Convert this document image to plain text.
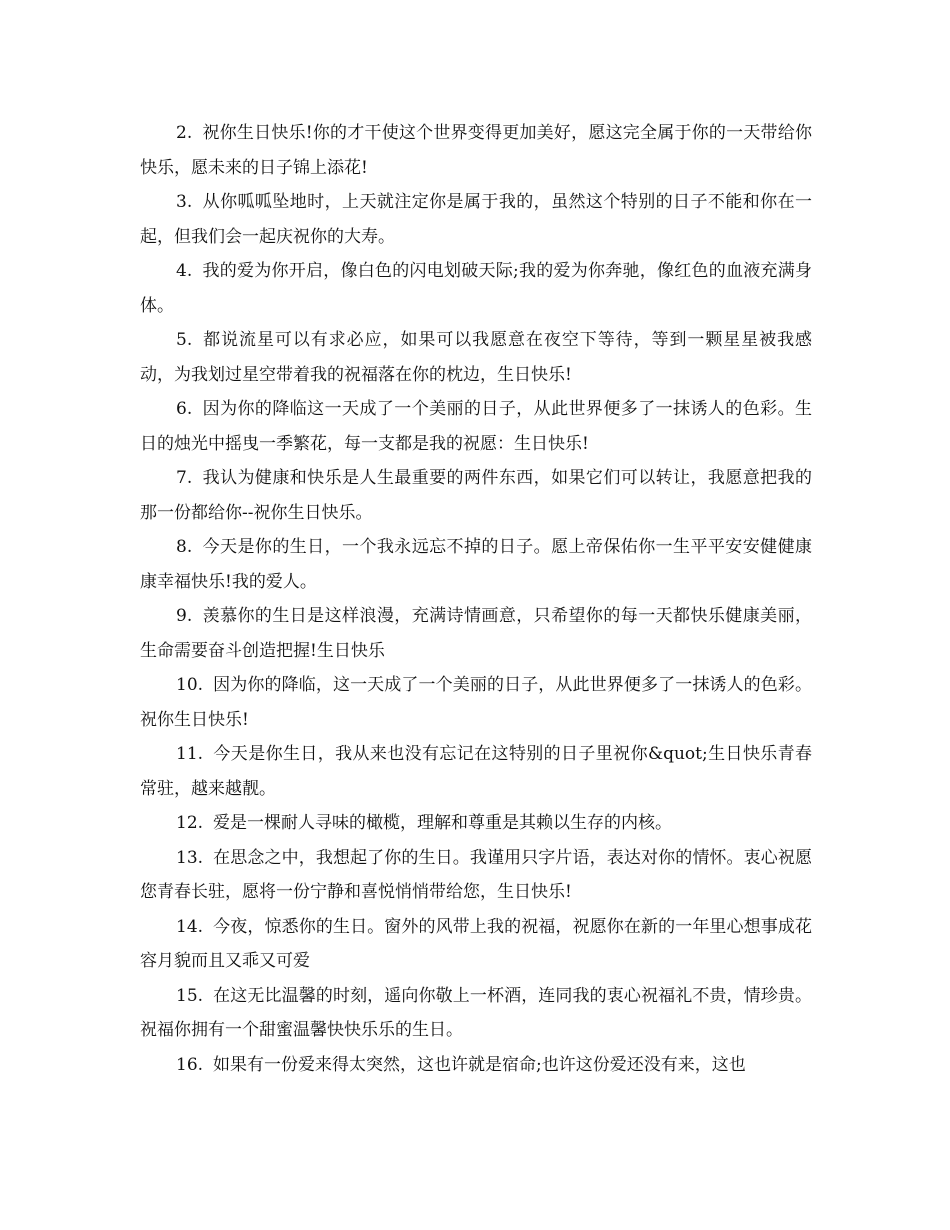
2. 祝你生日快乐!你的才干使这个世界变得更加美好，愿这完全属于你的一天带给你快乐，愿未来的日子锦上添花!

3. 从你呱呱坠地时，上天就注定你是属于我的，虽然这个特别的日子不能和你在一起，但我们会一起庆祝你的大寿。

4. 我的爱为你开启，像白色的闪电划破天际;我的爱为你奔驰，像红色的血液充满身体。

5. 都说流星可以有求必应，如果可以我愿意在夜空下等待，等到一颗星星被我感动，为我划过星空带着我的祝福落在你的枕边，生日快乐!

6. 因为你的降临这一天成了一个美丽的日子，从此世界便多了一抹诱人的色彩。生日的烛光中摇曳一季繁花，每一支都是我的祝愿：生日快乐!

7. 我认为健康和快乐是人生最重要的两件东西，如果它们可以转让，我愿意把我的那一份都给你--祝你生日快乐。

8. 今天是你的生日，一个我永远忘不掉的日子。愿上帝保佑你一生平平安安健健康康幸福快乐!我的爱人。

9. 羡慕你的生日是这样浪漫，充满诗情画意，只希望你的每一天都快乐健康美丽，生命需要奋斗创造把握!生日快乐

10. 因为你的降临，这一天成了一个美丽的日子，从此世界便多了一抹诱人的色彩。祝你生日快乐!

11. 今天是你生日，我从来也没有忘记在这特别的日子里祝你&quot;生日快乐青春常驻，越来越靓。

12. 爱是一棵耐人寻味的橄榄，理解和尊重是其赖以生存的内核。

13. 在思念之中，我想起了你的生日。我谨用只字片语，表达对你的情怀。衷心祝愿您青春长驻，愿将一份宁静和喜悦悄悄带给您，生日快乐!

14. 今夜，惊悉你的生日。窗外的风带上我的祝福，祝愿你在新的一年里心想事成花容月貌而且又乖又可爱

15. 在这无比温馨的时刻，遥向你敬上一杯酒，连同我的衷心祝福礼不贵，情珍贵。祝福你拥有一个甜蜜温馨快快乐乐的生日。

16. 如果有一份爱来得太突然，这也许就是宿命;也许这份爱还没有来，这也
